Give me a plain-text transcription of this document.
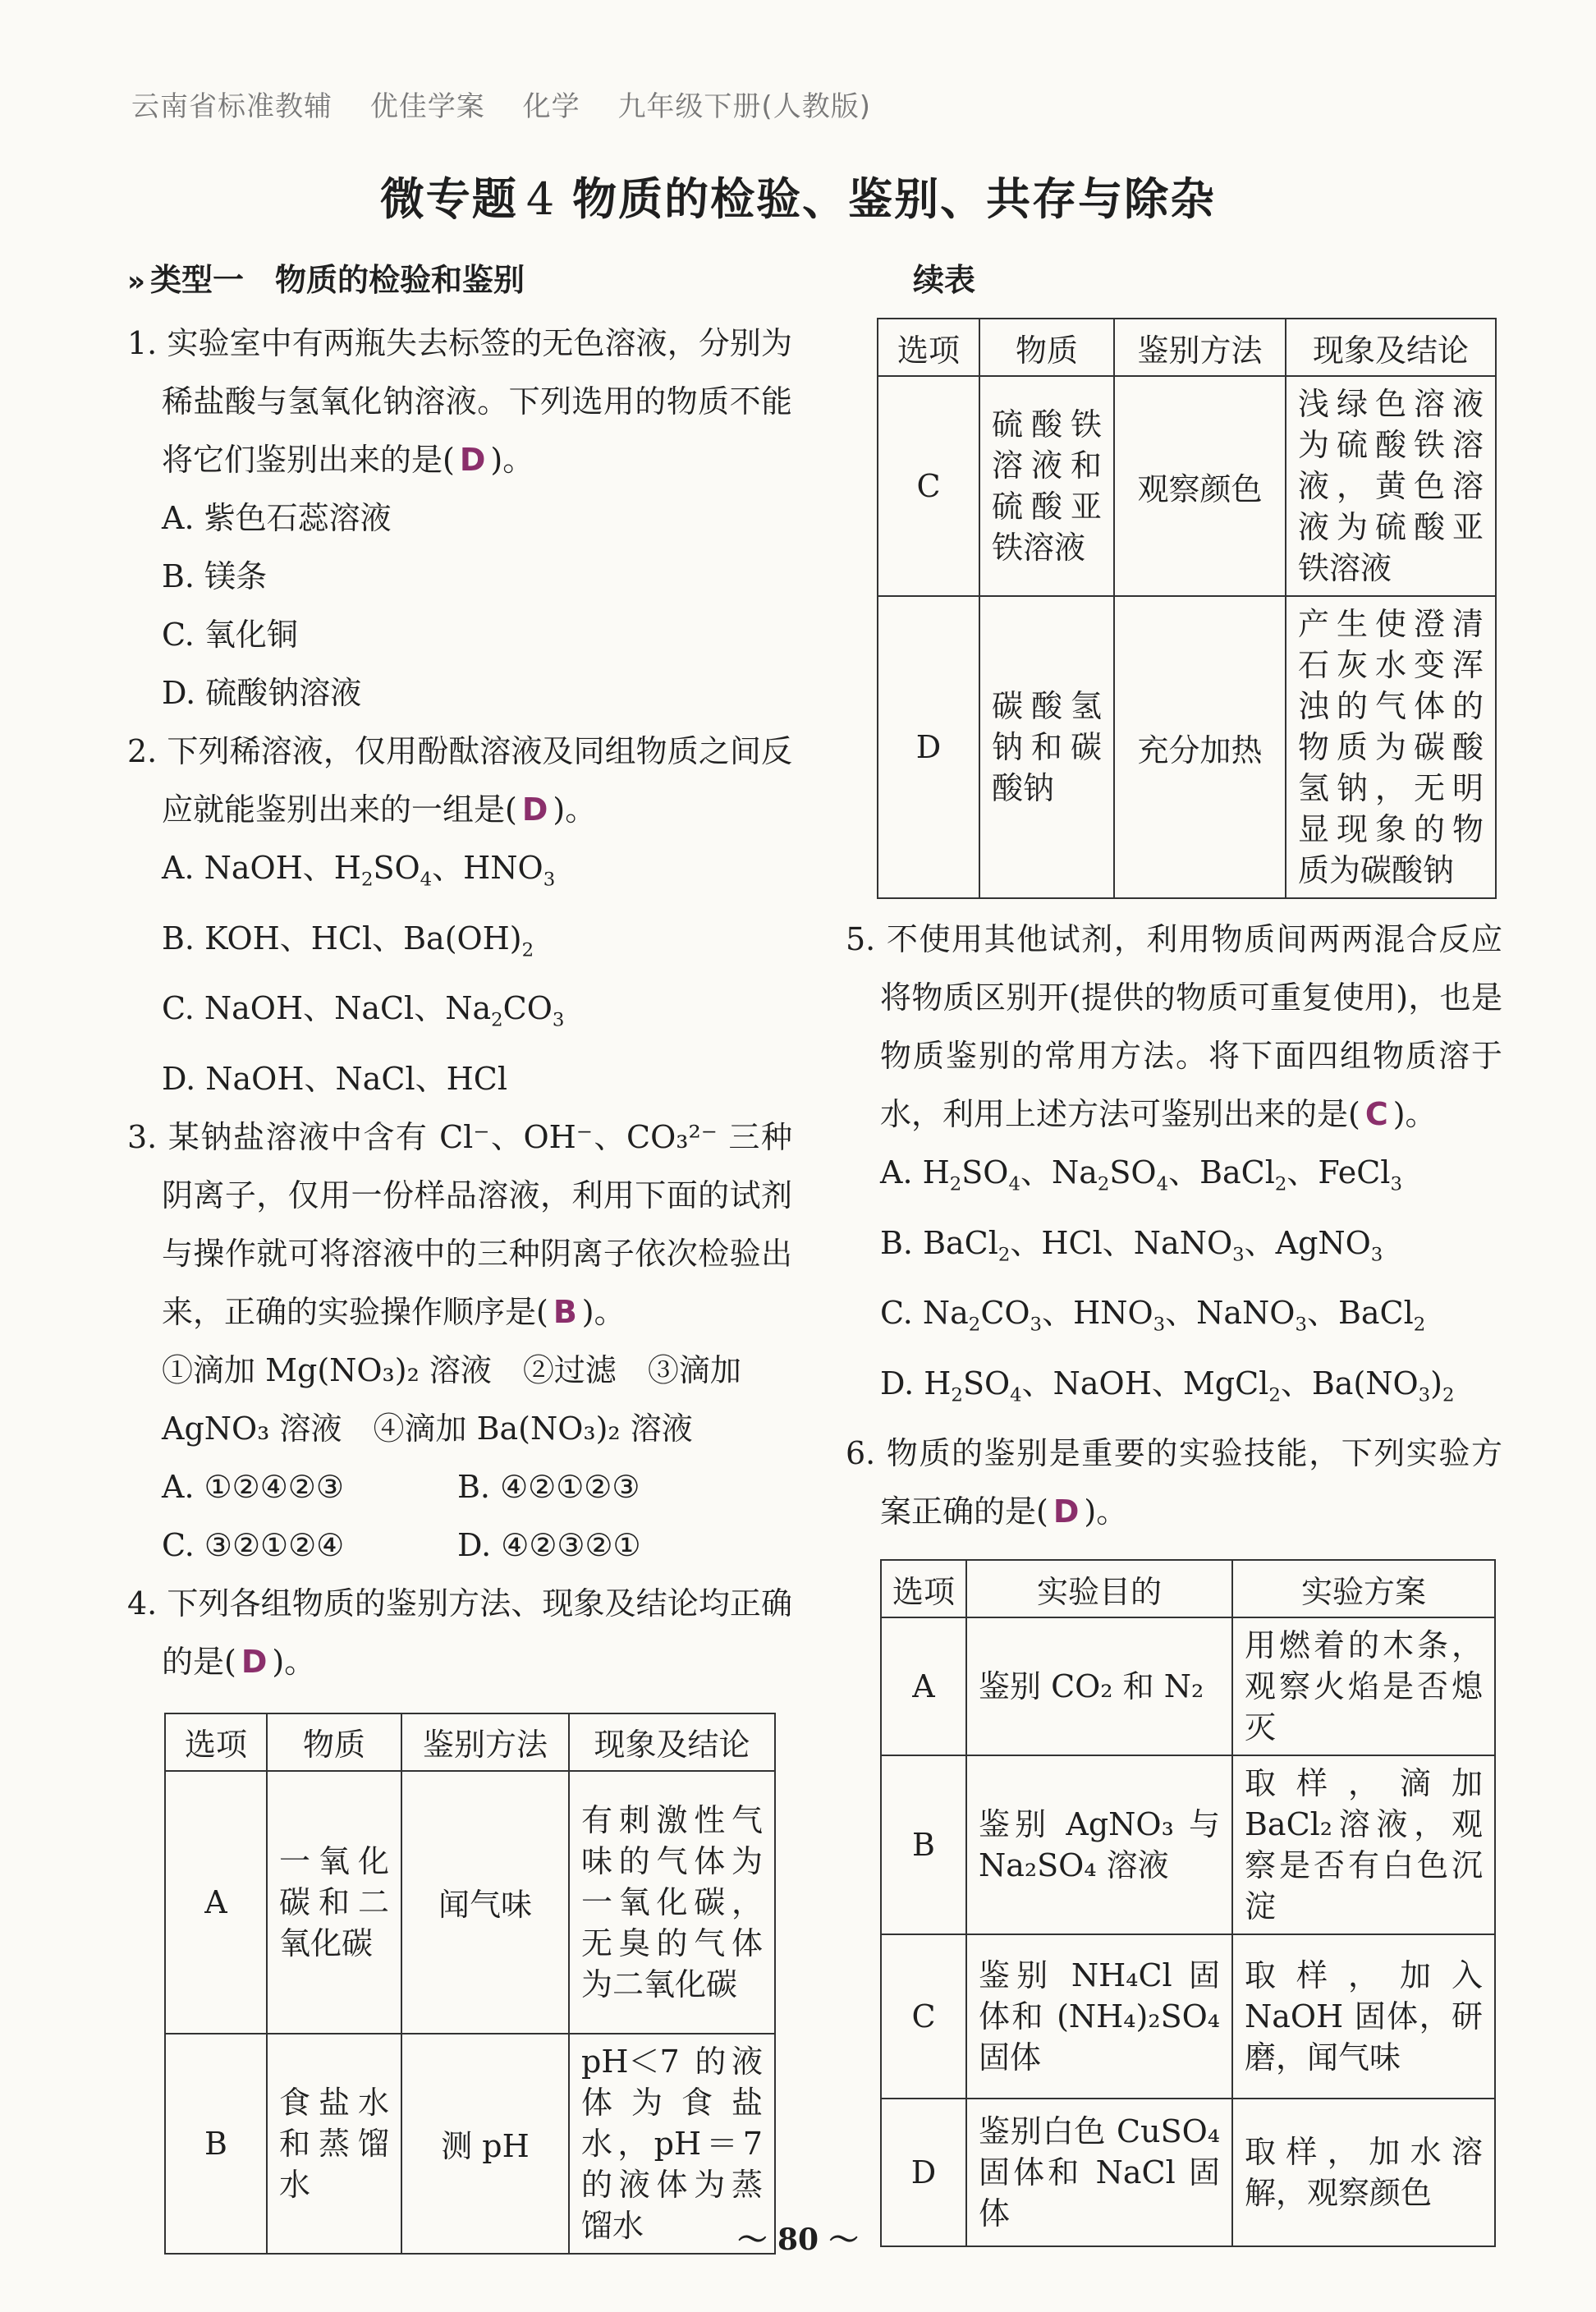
云南省标准教辅 优佳学案 化学 九年级下册(人教版)
微专题 4 物质的检验、鉴别、共存与除杂
» 类型一　物质的检验和鉴别
1. 实验室中有两瓶失去标签的无色溶液，分别为稀盐酸与氢氧化钠溶液。下列选用的物质不能将它们鉴别出来的是( D )。
A. 紫色石蕊溶液
B. 镁条
C. 氧化铜
D. 硫酸钠溶液
2. 下列稀溶液，仅用酚酞溶液及同组物质之间反应就能鉴别出来的一组是( D )。
A. NaOH、$H_2SO_4$、$HNO_3$
B. KOH、HCl、$Ba(OH)_2$
C. NaOH、NaCl、$Na_2CO_3$
D. NaOH、NaCl、HCl
3. 某钠盐溶液中含有 Cl⁻、OH⁻、CO₃²⁻ 三种阴离子，仅用一份样品溶液，利用下面的试剂与操作就可将溶液中的三种阴离子依次检验出来，正确的实验操作顺序是( B )。
①滴加 Mg(NO₃)₂ 溶液　②过滤　③滴加 AgNO₃ 溶液　④滴加 Ba(NO₃)₂ 溶液
A. ①②④②③	B. ④②①②③
C. ③②①②④	D. ④②③②①
4. 下列各组物质的鉴别方法、现象及结论均正确的是( D )。
选项	物质	鉴别方法	现象及结论
A	一氧化碳和二氧化碳	闻气味	有刺激性气味的气体为一氧化碳，无臭的气体为二氧化碳
B	食盐水和蒸馏水	测 pH	pH＜7 的液体为食盐水，pH＝7 的液体为蒸馏水
续表
选项	物质	鉴别方法	现象及结论
C	硫酸铁溶液和硫酸亚铁溶液	观察颜色	浅绿色溶液为硫酸铁溶液，黄色溶液为硫酸亚铁溶液
D	碳酸氢钠和碳酸钠	充分加热	产生使澄清石灰水变浑浊的气体的物质为碳酸氢钠，无明显现象的物质为碳酸钠
5. 不使用其他试剂，利用物质间两两混合反应将物质区别开(提供的物质可重复使用)，也是物质鉴别的常用方法。将下面四组物质溶于水，利用上述方法可鉴别出来的是( C )。
A. $H_2SO_4$、$Na_2SO_4$、BaCl$_2$、FeCl$_3$
B. BaCl$_2$、HCl、NaNO$_3$、AgNO$_3$
C. $Na_2CO_3$、$HNO_3$、NaNO$_3$、BaCl$_2$
D. $H_2SO_4$、NaOH、MgCl$_2$、$Ba(NO_3)_2$
6. 物质的鉴别是重要的实验技能，下列实验方案正确的是( D )。
选项	实验目的	实验方案
A	鉴别 CO₂ 和 N₂	用燃着的木条，观察火焰是否熄灭
B	鉴别 AgNO₃ 与 Na₂SO₄ 溶液	取样，滴加 BaCl₂溶液，观察是否有白色沉淀
C	鉴别 NH₄Cl 固体和 (NH₄)₂SO₄ 固体	取样，加入 NaOH 固体，研磨，闻气味
D	鉴别白色 CuSO₄ 固体和 NaCl 固体	取样，加水溶解，观察颜色
～ 80 ～
